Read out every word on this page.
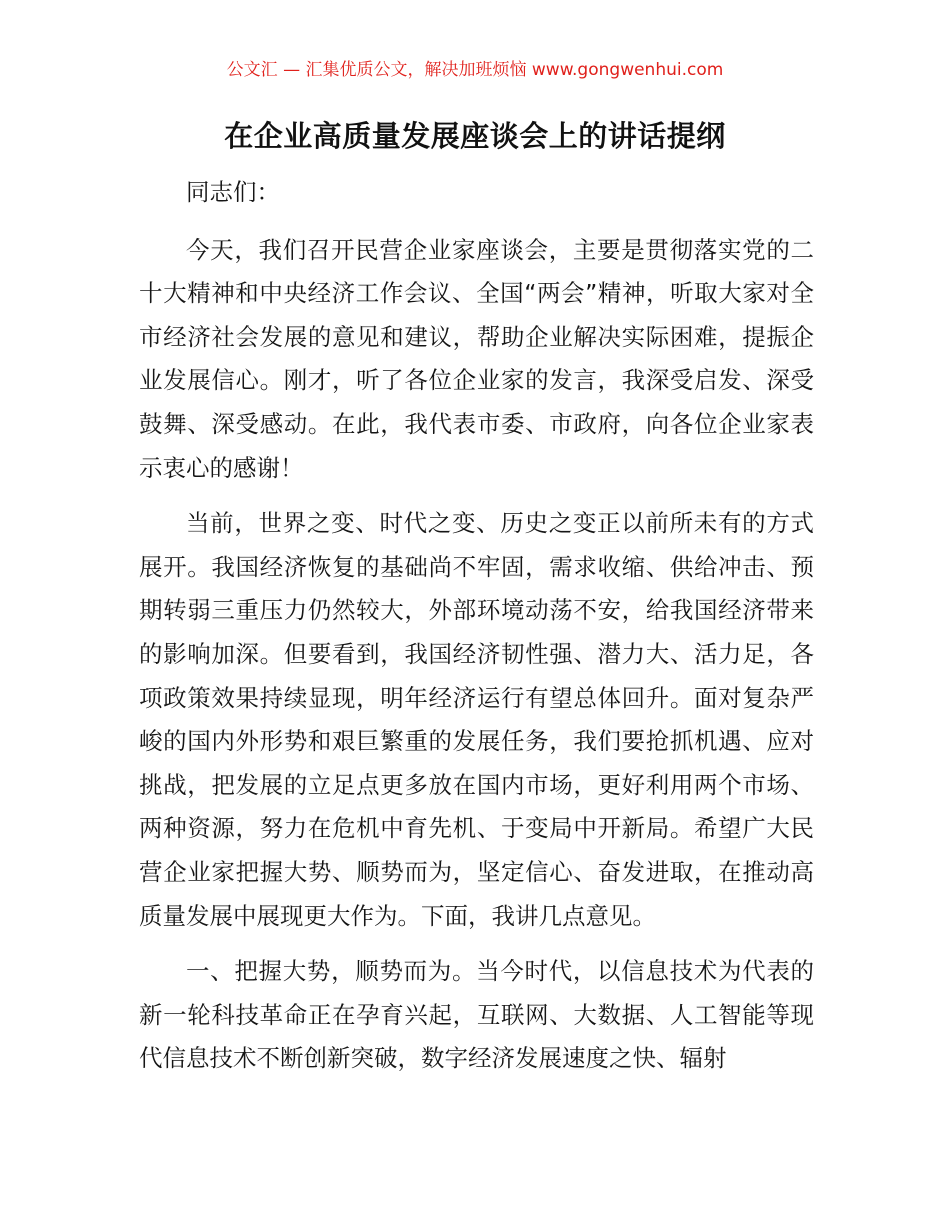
公文汇 — 汇集优质公文，解决加班烦恼 www.gongwenhui.com
在企业高质量发展座谈会上的讲话提纲

同志们：

今天，我们召开民营企业家座谈会，主要是贯彻落实党的二十大精神和中央经济工作会议、全国“两会”精神，听取大家对全市经济社会发展的意见和建议，帮助企业解决实际困难，提振企业发展信心。刚才，听了各位企业家的发言，我深受启发、深受鼓舞、深受感动。在此，我代表市委、市政府，向各位企业家表示衷心的感谢！

当前，世界之变、时代之变、历史之变正以前所未有的方式展开。我国经济恢复的基础尚不牢固，需求收缩、供给冲击、预期转弱三重压力仍然较大，外部环境动荡不安，给我国经济带来的影响加深。但要看到，我国经济韧性强、潜力大、活力足，各项政策效果持续显现，明年经济运行有望总体回升。面对复杂严峻的国内外形势和艰巨繁重的发展任务，我们要抢抓机遇、应对挑战，把发展的立足点更多放在国内市场，更好利用两个市场、两种资源，努力在危机中育先机、于变局中开新局。希望广大民营企业家把握大势、顺势而为，坚定信心、奋发进取，在推动高质量发展中展现更大作为。下面，我讲几点意见。

一、把握大势，顺势而为。当今时代，以信息技术为代表的新一轮科技革命正在孕育兴起，互联网、大数据、人工智能等现代信息技术不断创新突破，数字经济发展速度之快、辐射
